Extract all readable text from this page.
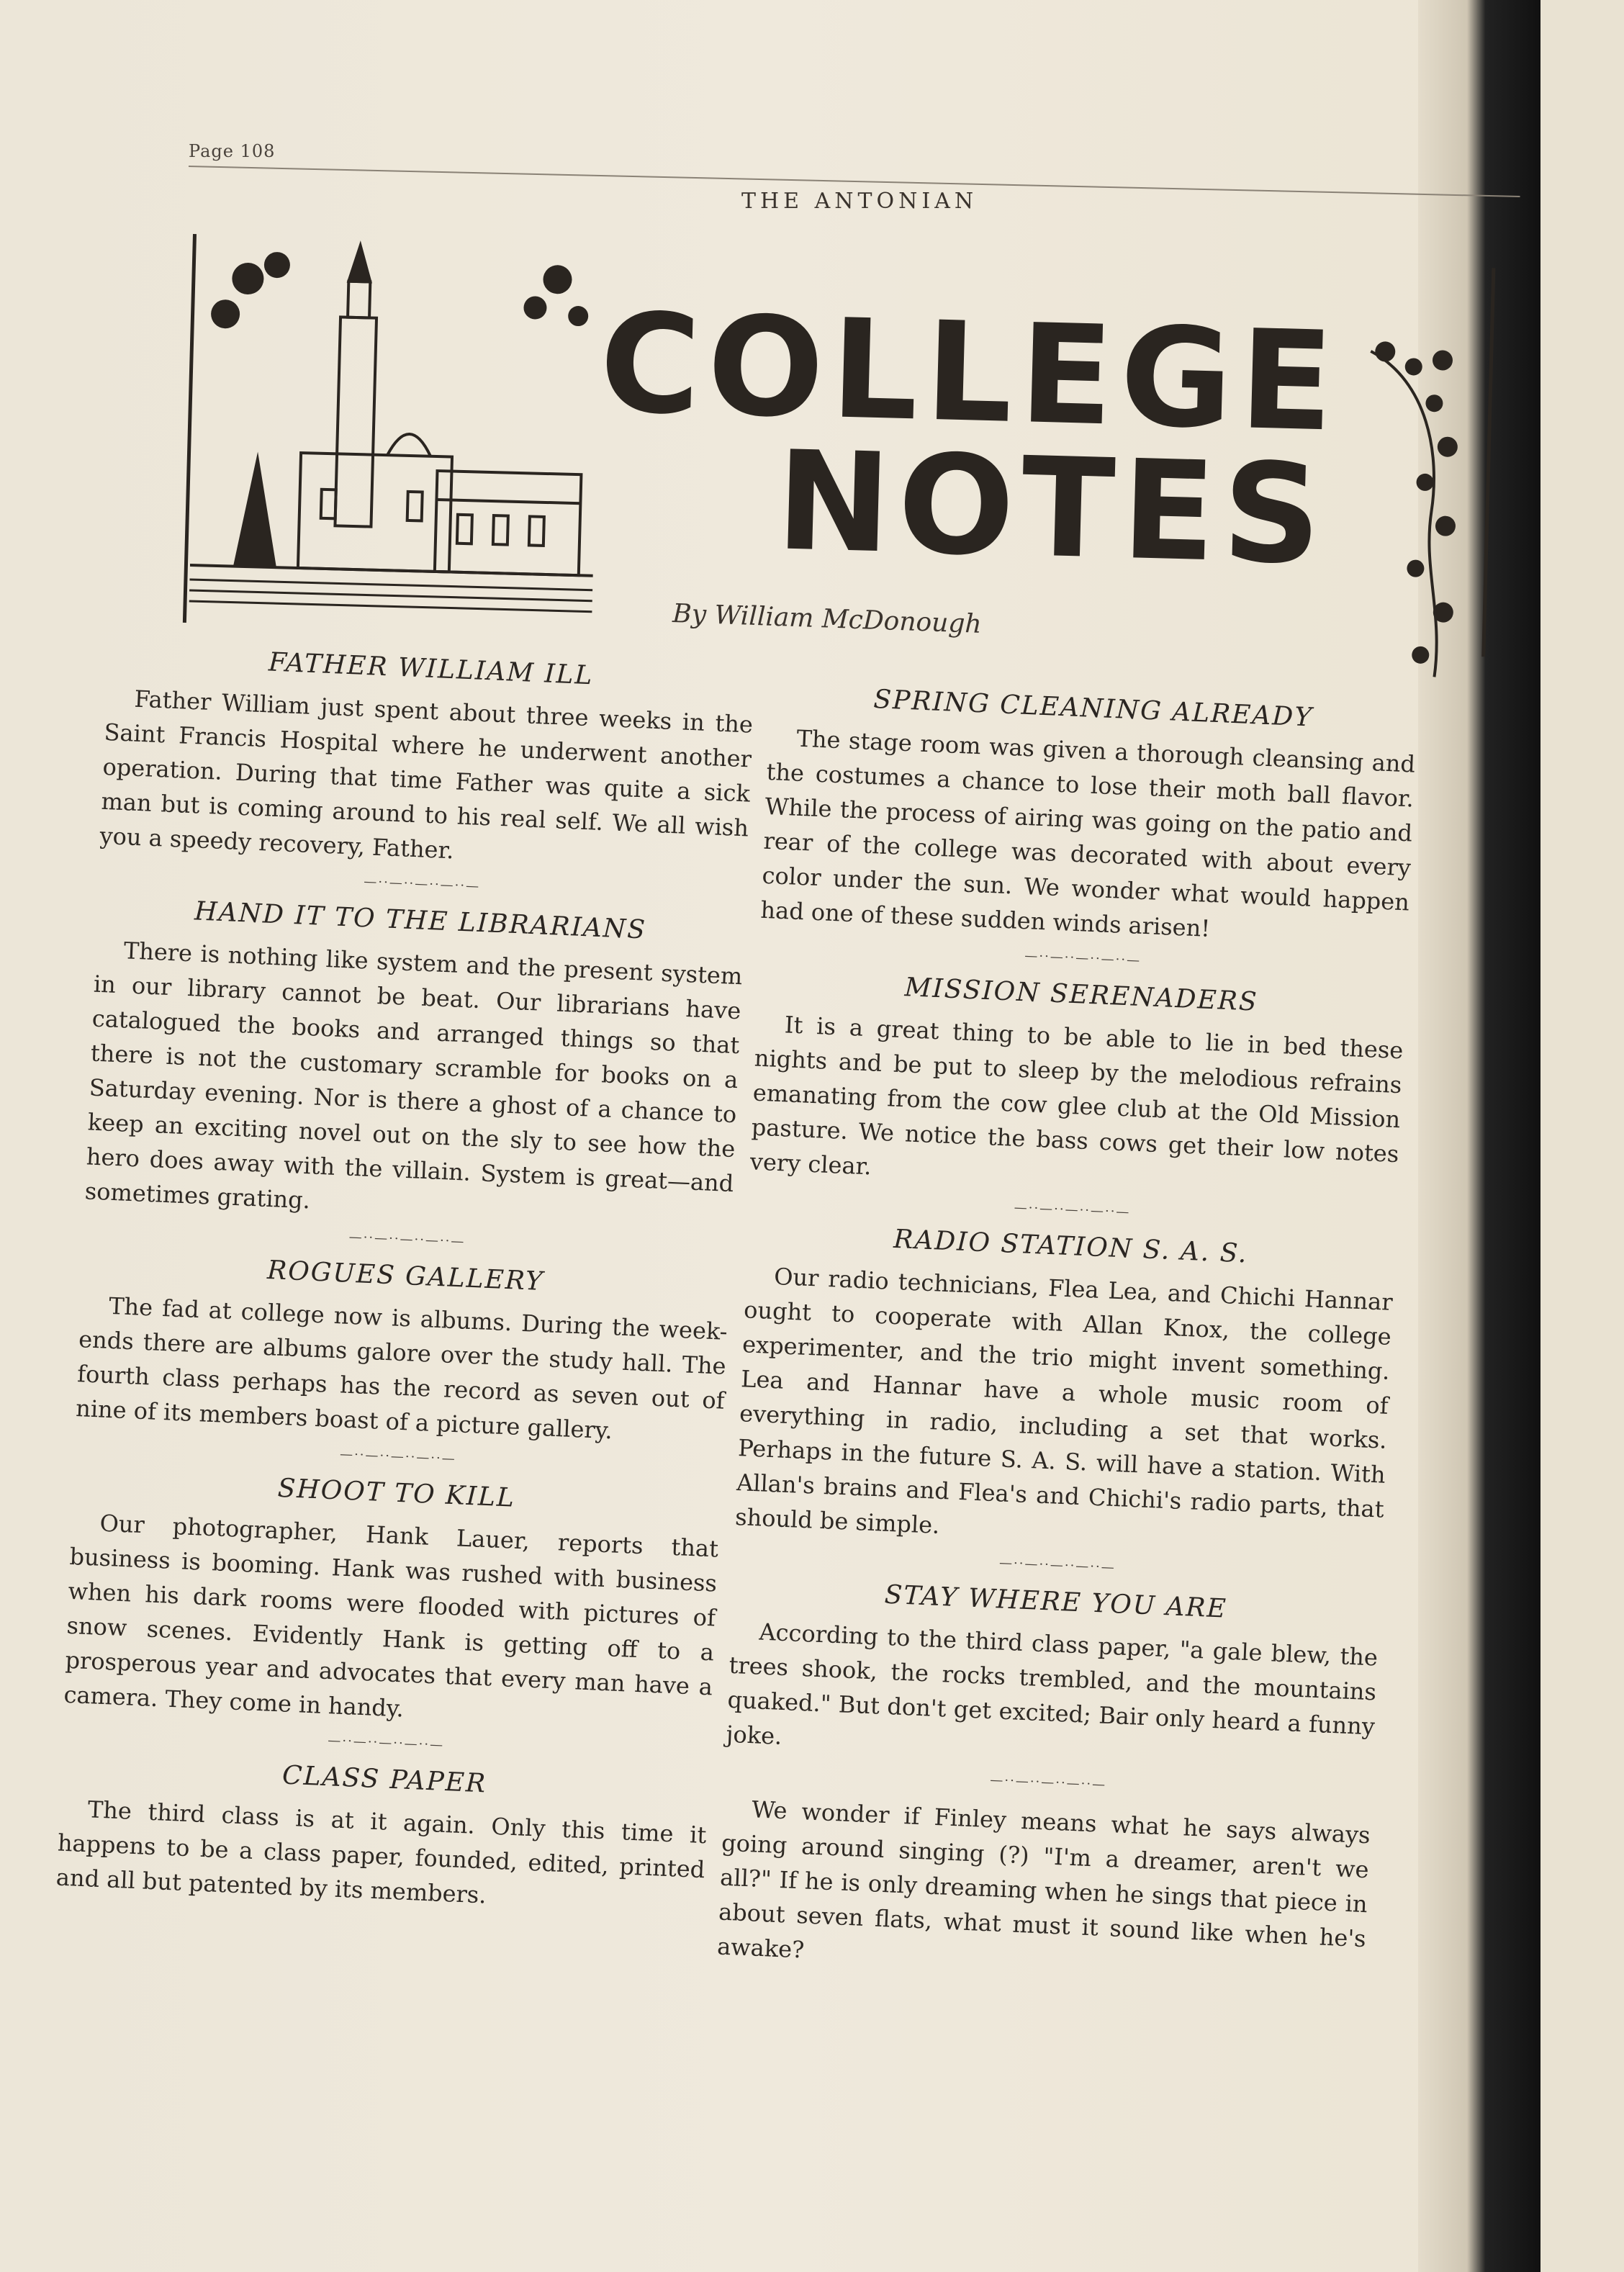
Page 108
THE ANTONIAN
COLLEGE
NOTES
By William McDonough
FATHER WILLIAM ILL

Father William just spent about three weeks in the Saint Francis Hospital where he underwent another operation. During that time Father was quite a sick man but is coming around to his real self. We all wish you a speedy recovery, Father.

—··—··—··—··—
HAND IT TO THE LIBRARIANS

There is nothing like system and the present system in our library cannot be beat. Our librarians have catalogued the books and arranged things so that there is not the customary scramble for books on a Saturday evening. Nor is there a ghost of a chance to keep an exciting novel out on the sly to see how the hero does away with the villain. System is great—and sometimes grating.

—··—··—··—··—
ROGUES GALLERY

The fad at college now is albums. During the week-ends there are albums galore over the study hall. The fourth class perhaps has the record as seven out of nine of its members boast of a picture gallery.

—··—··—··—··—
SHOOT TO KILL

Our photographer, Hank Lauer, reports that business is booming. Hank was rushed with business when his dark rooms were flooded with pictures of snow scenes. Evidently Hank is getting off to a prosperous year and advocates that every man have a camera. They come in handy.

—··—··—··—··—
CLASS PAPER

The third class is at it again. Only this time it happens to be a class paper, founded, edited, printed and all but patented by its members.

SPRING CLEANING ALREADY

The stage room was given a thorough cleansing and the costumes a chance to lose their moth ball flavor. While the process of airing was going on the patio and rear of the college was decorated with about every color under the sun. We wonder what would happen had one of these sudden winds arisen!

—··—··—··—··—
MISSION SERENADERS

It is a great thing to be able to lie in bed these nights and be put to sleep by the melodious refrains emanating from the cow glee club at the Old Mission pasture. We notice the bass cows get their low notes very clear.

—··—··—··—··—
RADIO STATION S. A. S.

Our radio technicians, Flea Lea, and Chichi Hannar ought to cooperate with Allan Knox, the college experimenter, and the trio might invent something. Lea and Hannar have a whole music room of everything in radio, including a set that works. Perhaps in the future S. A. S. will have a station. With Allan's brains and Flea's and Chichi's radio parts, that should be simple.

—··—··—··—··—
STAY WHERE YOU ARE

According to the third class paper, "a gale blew, the trees shook, the rocks trembled, and the mountains quaked." But don't get excited; Bair only heard a funny joke.

—··—··—··—··—

We wonder if Finley means what he says always going around singing (?) "I'm a dreamer, aren't we all?" If he is only dreaming when he sings that piece in about seven flats, what must it sound like when he's awake?
